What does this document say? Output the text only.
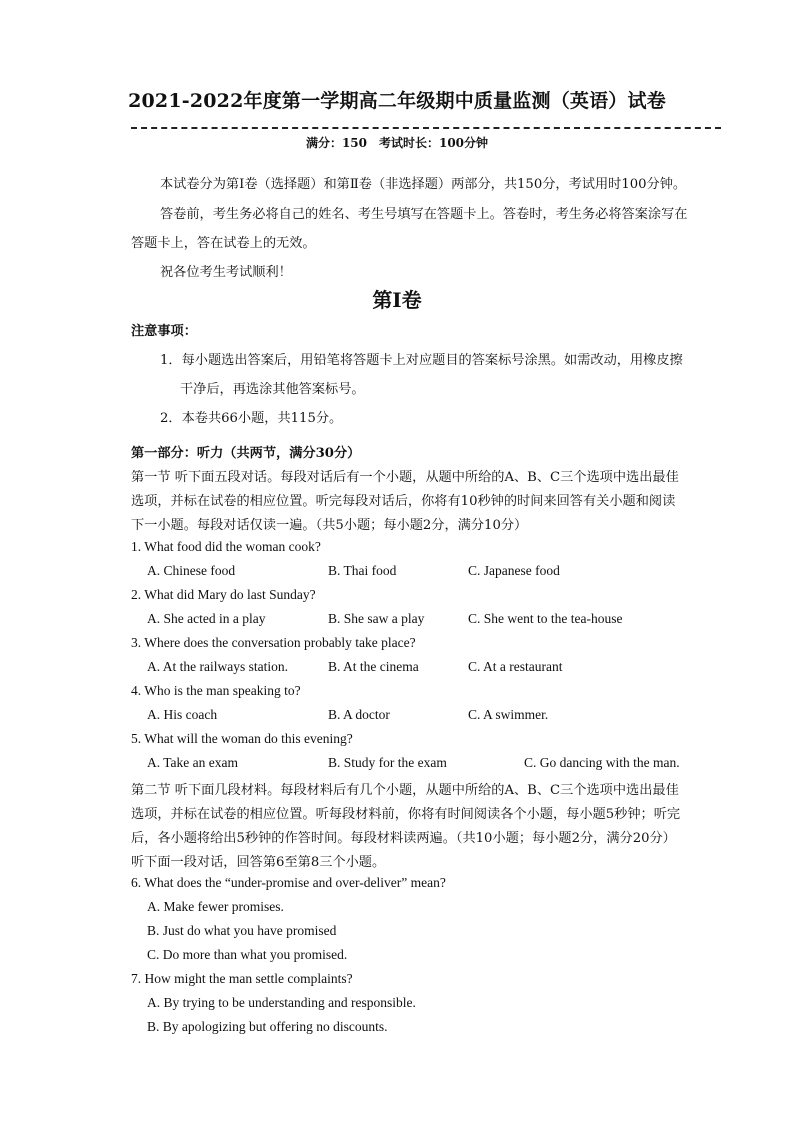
2021-2022年度第一学期高二年级期中质量监测（英语）试卷
满分：150　考试时长：100分钟
本试卷分为第Ⅰ卷（选择题）和第Ⅱ卷（非选择题）两部分，共150分，考试用时100分钟。
答卷前，考生务必将自己的姓名、考生号填写在答题卡上。答卷时，考生务必将答案涂写在
答题卡上，答在试卷上的无效。
祝各位考生考试顺利！
第Ⅰ卷
注意事项：
1．每小题选出答案后，用铅笔将答题卡上对应题目的答案标号涂黑。如需改动，用橡皮擦
干净后，再选涂其他答案标号。
2．本卷共66小题，共115分。
第一部分：听力（共两节，满分30分）
第一节 听下面五段对话。每段对话后有一个小题，从题中所给的A、B、C三个选项中选出最佳
选项，并标在试卷的相应位置。听完每段对话后，你将有10秒钟的时间来回答有关小题和阅读
下一小题。每段对话仅读一遍。（共5小题；每小题2分，满分10分）
1. What food did the woman cook?
A. Chinese food	B. Thai food	C. Japanese food
2. What did Mary do last Sunday?
A. She acted in a play	B. She saw a play	C. She went to the tea-house
3. Where does the conversation probably take place?
A. At the railways station.	B. At the cinema	C. At a restaurant
4. Who is the man speaking to?
A. His coach	B. A doctor	C. A swimmer.
5. What will the woman do this evening?
A. Take an exam	B. Study for the exam	C. Go dancing with the man.
第二节 听下面几段材料。每段材料后有几个小题，从题中所给的A、B、C三个选项中选出最佳
选项，并标在试卷的相应位置。听每段材料前，你将有时间阅读各个小题，每小题5秒钟；听完
后，各小题将给出5秒钟的作答时间。每段材料读两遍。（共10小题；每小题2分，满分20分）
听下面一段对话，回答第6至第8三个小题。
6. What does the “under-promise and over-deliver” mean?
A. Make fewer promises.
B. Just do what you have promised
C. Do more than what you promised.
7. How might the man settle complaints?
A. By trying to be understanding and responsible.
B. By apologizing but offering no discounts.
